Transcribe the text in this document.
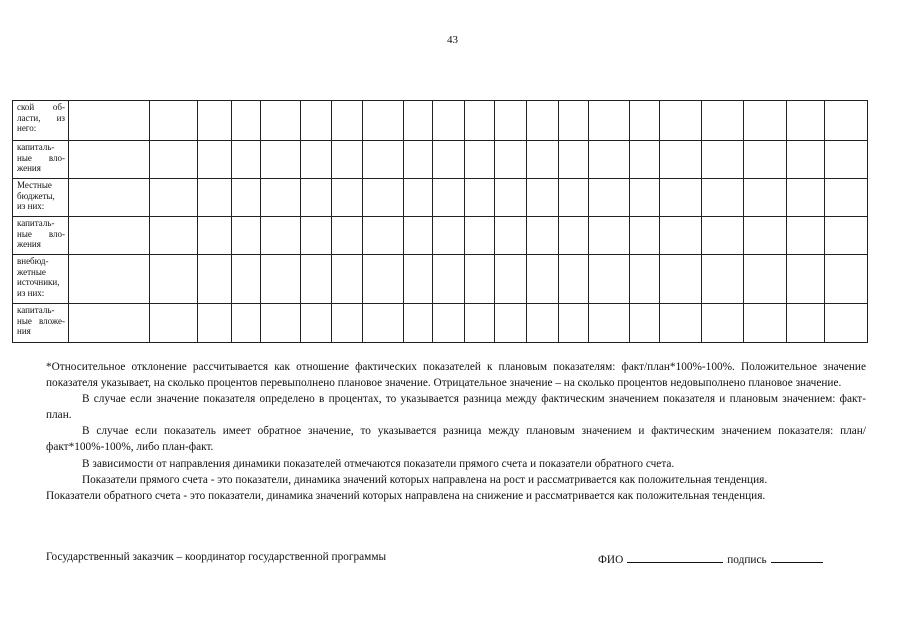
43
ской об-ласти, из него:																					
капиталь-ные вло-жения																					
Местные бюджеты, из них:																					
капиталь-ные вло-жения																					
внебюд-жетные источники, из них:																					
капиталь-ные вложе-ния																					

*Относительное отклонение рассчитывается как отношение фактических показателей к плановым показателям: факт/план*100%-100%. Положительное значение показателя указывает, на сколько процентов перевыполнено плановое значение. Отрицательное значение – на сколько процентов недовыполнено плановое значение.

В случае если значение показателя определено в процентах, то указывается разница между фактическим значением показателя и плановым значением: факт-план.

В случае если показатель имеет обратное значение, то указывается разница между плановым значением и фактическим значением показателя: план/факт*100%-100%, либо план-факт.

В зависимости от направления динамики показателей отмечаются показатели прямого счета и показатели обратного счета.

Показатели прямого счета - это показатели, динамика значений которых направлена на рост и рассматривается как положительная тенденция.

Показатели обратного счета - это показатели, динамика значений которых направлена на снижение и рассматривается как положительная тенденция.

Государственный заказчик – координатор государственной программы	ФИО	подпись
